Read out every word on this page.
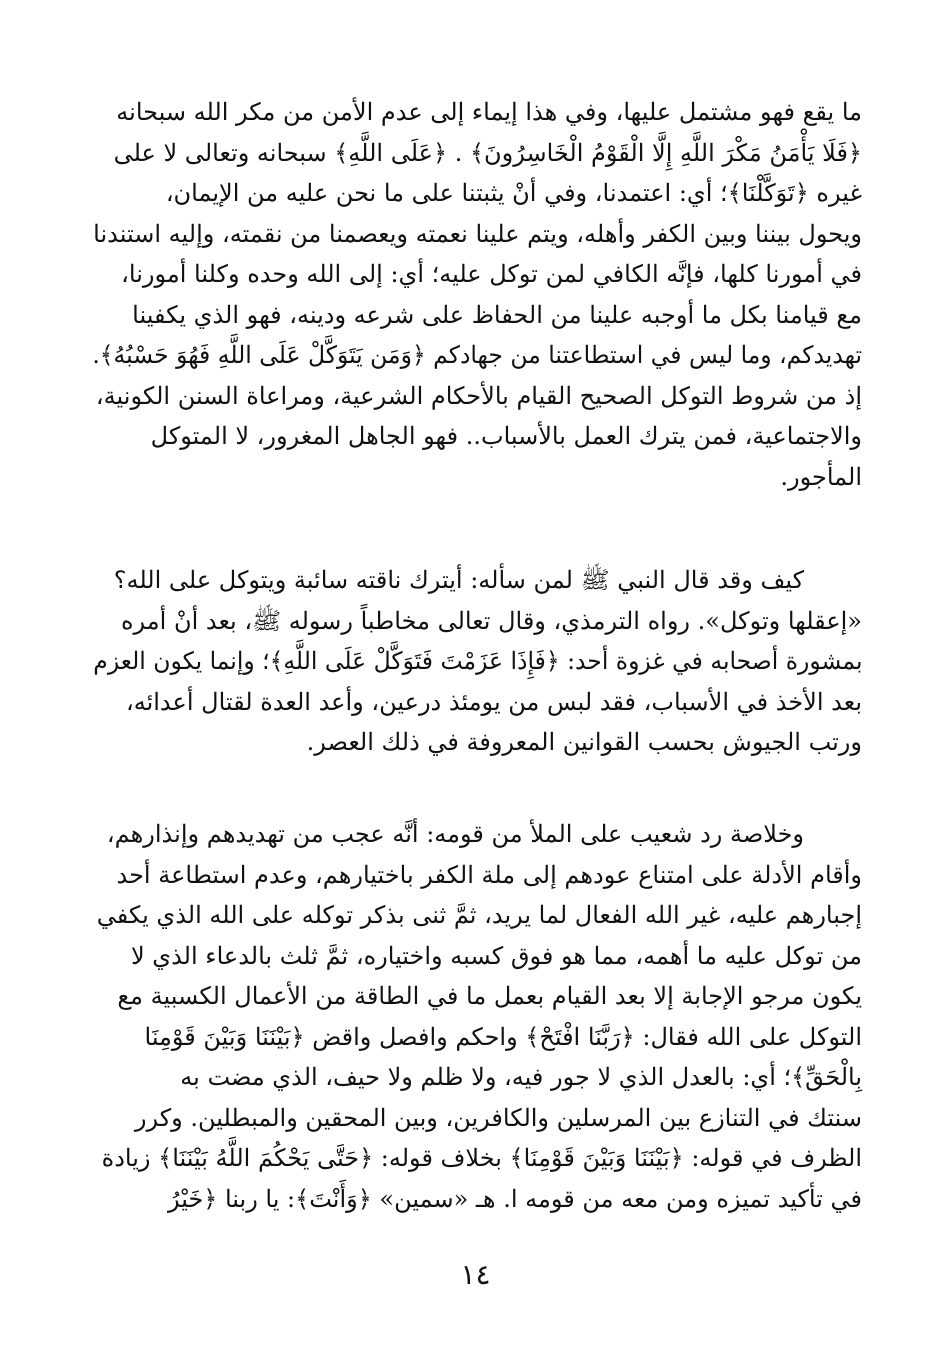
ما يقع فهو مشتمل عليها، وفي هذا إيماء إلى عدم الأمن من مكر الله سبحانه
﴿فَلَا يَأْمَنُ مَكْرَ اللَّهِ إِلَّا الْقَوْمُ الْخَاسِرُونَ﴾ . ﴿عَلَى اللَّهِ﴾ سبحانه وتعالى لا على
غيره ﴿تَوَكَّلْنَا﴾؛ أي: اعتمدنا، وفي أنْ يثبتنا على ما نحن عليه من الإيمان،
ويحول بيننا وبين الكفر وأهله، ويتم علينا نعمته ويعصمنا من نقمته، وإليه استندنا
في أمورنا كلها، فإنَّه الكافي لمن توكل عليه؛ أي: إلى الله وحده وكلنا أمورنا،
مع قيامنا بكل ما أوجبه علينا من الحفاظ على شرعه ودينه، فهو الذي يكفينا
تهديدكم، وما ليس في استطاعتنا من جهادكم ﴿وَمَن يَتَوَكَّلْ عَلَى اللَّهِ فَهُوَ حَسْبُهُ﴾.
إذ من شروط التوكل الصحيح القيام بالأحكام الشرعية، ومراعاة السنن الكونية،
والاجتماعية، فمن يترك العمل بالأسباب.. فهو الجاهل المغرور، لا المتوكل
المأجور.
كيف وقد قال النبي ﷺ لمن سأله: أيترك ناقته سائبة ويتوكل على الله؟
«إعقلها وتوكل». رواه الترمذي، وقال تعالى مخاطباً رسوله ﷺ، بعد أنْ أمره
بمشورة أصحابه في غزوة أحد: ﴿فَإِذَا عَزَمْتَ فَتَوَكَّلْ عَلَى اللَّهِ﴾؛ وإنما يكون العزم
بعد الأخذ في الأسباب، فقد لبس من يومئذ درعين، وأعد العدة لقتال أعدائه،
ورتب الجيوش بحسب القوانين المعروفة في ذلك العصر.
وخلاصة رد شعيب على الملأ من قومه: أنَّه عجب من تهديدهم وإنذارهم،
وأقام الأدلة على امتناع عودهم إلى ملة الكفر باختيارهم، وعدم استطاعة أحد
إجبارهم عليه، غير الله الفعال لما يريد، ثمَّ ثنى بذكر توكله على الله الذي يكفي
من توكل عليه ما أهمه، مما هو فوق كسبه واختياره، ثمَّ ثلث بالدعاء الذي لا
يكون مرجو الإجابة إلا بعد القيام بعمل ما في الطاقة من الأعمال الكسبية مع
التوكل على الله فقال: ﴿رَبَّنَا افْتَحْ﴾ واحكم وافصل واقض ﴿بَيْنَنَا وَبَيْنَ قَوْمِنَا
بِالْحَقِّ﴾؛ أي: بالعدل الذي لا جور فيه، ولا ظلم ولا حيف، الذي مضت به
سنتك في التنازع بين المرسلين والكافرين، وبين المحقين والمبطلين. وكرر
الظرف في قوله: ﴿بَيْنَنَا وَبَيْنَ قَوْمِنَا﴾ بخلاف قوله: ﴿حَتَّى يَحْكُمَ اللَّهُ بَيْنَنَا﴾ زيادة
في تأكيد تميزه ومن معه من قومه ا. هـ «سمين» ﴿وَأَنْتَ﴾: يا ربنا ﴿خَيْرُ
١٤
